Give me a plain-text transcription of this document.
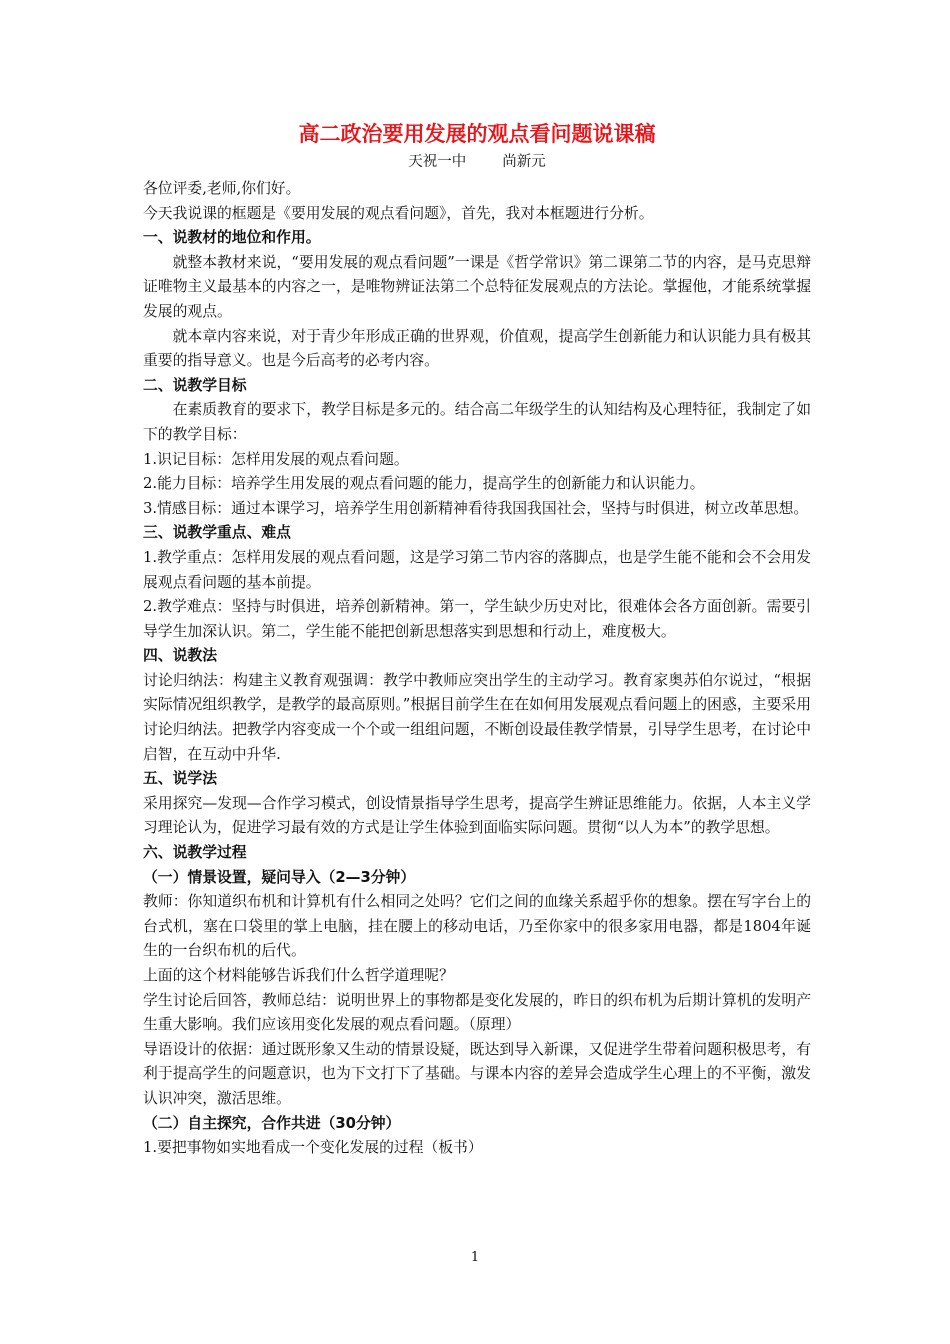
高二政治要用发展的观点看问题说课稿
天祝一中 尚新元

各位评委,老师,你们好。

今天我说课的框题是《要用发展的观点看问题》，首先，我对本框题进行分析。

一、说教材的地位和作用。

就整本教材来说，“要用发展的观点看问题”一课是《哲学常识》第二课第二节的内容，是马克思辩证唯物主义最基本的内容之一，是唯物辨证法第二个总特征发展观点的方法论。掌握他，才能系统掌握发展的观点。

就本章内容来说，对于青少年形成正确的世界观，价值观，提高学生创新能力和认识能力具有极其重要的指导意义。也是今后高考的必考内容。

二、说教学目标

在素质教育的要求下，教学目标是多元的。结合高二年级学生的认知结构及心理特征，我制定了如下的教学目标：

1.识记目标：怎样用发展的观点看问题。

2.能力目标：培养学生用发展的观点看问题的能力，提高学生的创新能力和认识能力。

3.情感目标：通过本课学习，培养学生用创新精神看待我国我国社会，坚持与时俱进，树立改革思想。

三、说教学重点、难点

1.教学重点：怎样用发展的观点看问题，这是学习第二节内容的落脚点，也是学生能不能和会不会用发展观点看问题的基本前提。

2.教学难点：坚持与时俱进，培养创新精神。第一，学生缺少历史对比，很难体会各方面创新。需要引导学生加深认识。第二，学生能不能把创新思想落实到思想和行动上，难度极大。

四、说教法

讨论归纳法：构建主义教育观强调：教学中教师应突出学生的主动学习。教育家奥苏伯尔说过，“根据实际情况组织教学，是教学的最高原则。”根据目前学生在在如何用发展观点看问题上的困惑，主要采用讨论归纳法。把教学内容变成一个个或一组组问题，不断创设最佳教学情景，引导学生思考，在讨论中启智，在互动中升华.

五、说学法

采用探究—发现—合作学习模式，创设情景指导学生思考，提高学生辨证思维能力。依据，人本主义学习理论认为，促进学习最有效的方式是让学生体验到面临实际问题。贯彻“以人为本”的教学思想。

六、说教学过程
（一）情景设置，疑问导入（2—3分钟）

教师：你知道织布机和计算机有什么相同之处吗？它们之间的血缘关系超乎你的想象。摆在写字台上的台式机，塞在口袋里的掌上电脑，挂在腰上的移动电话，乃至你家中的很多家用电器，都是1804年诞生的一台织布机的后代。

上面的这个材料能够告诉我们什么哲学道理呢？

学生讨论后回答，教师总结：说明世界上的事物都是变化发展的，昨日的织布机为后期计算机的发明产生重大影响。我们应该用变化发展的观点看问题。（原理）

导语设计的依据：通过既形象又生动的情景设疑，既达到导入新课，又促进学生带着问题积极思考，有利于提高学生的问题意识，也为下文打下了基础。与课本内容的差异会造成学生心理上的不平衡，激发认识冲突，激活思维。

（二）自主探究，合作共进（30分钟）

1.要把事物如实地看成一个变化发展的过程（板书）

1
